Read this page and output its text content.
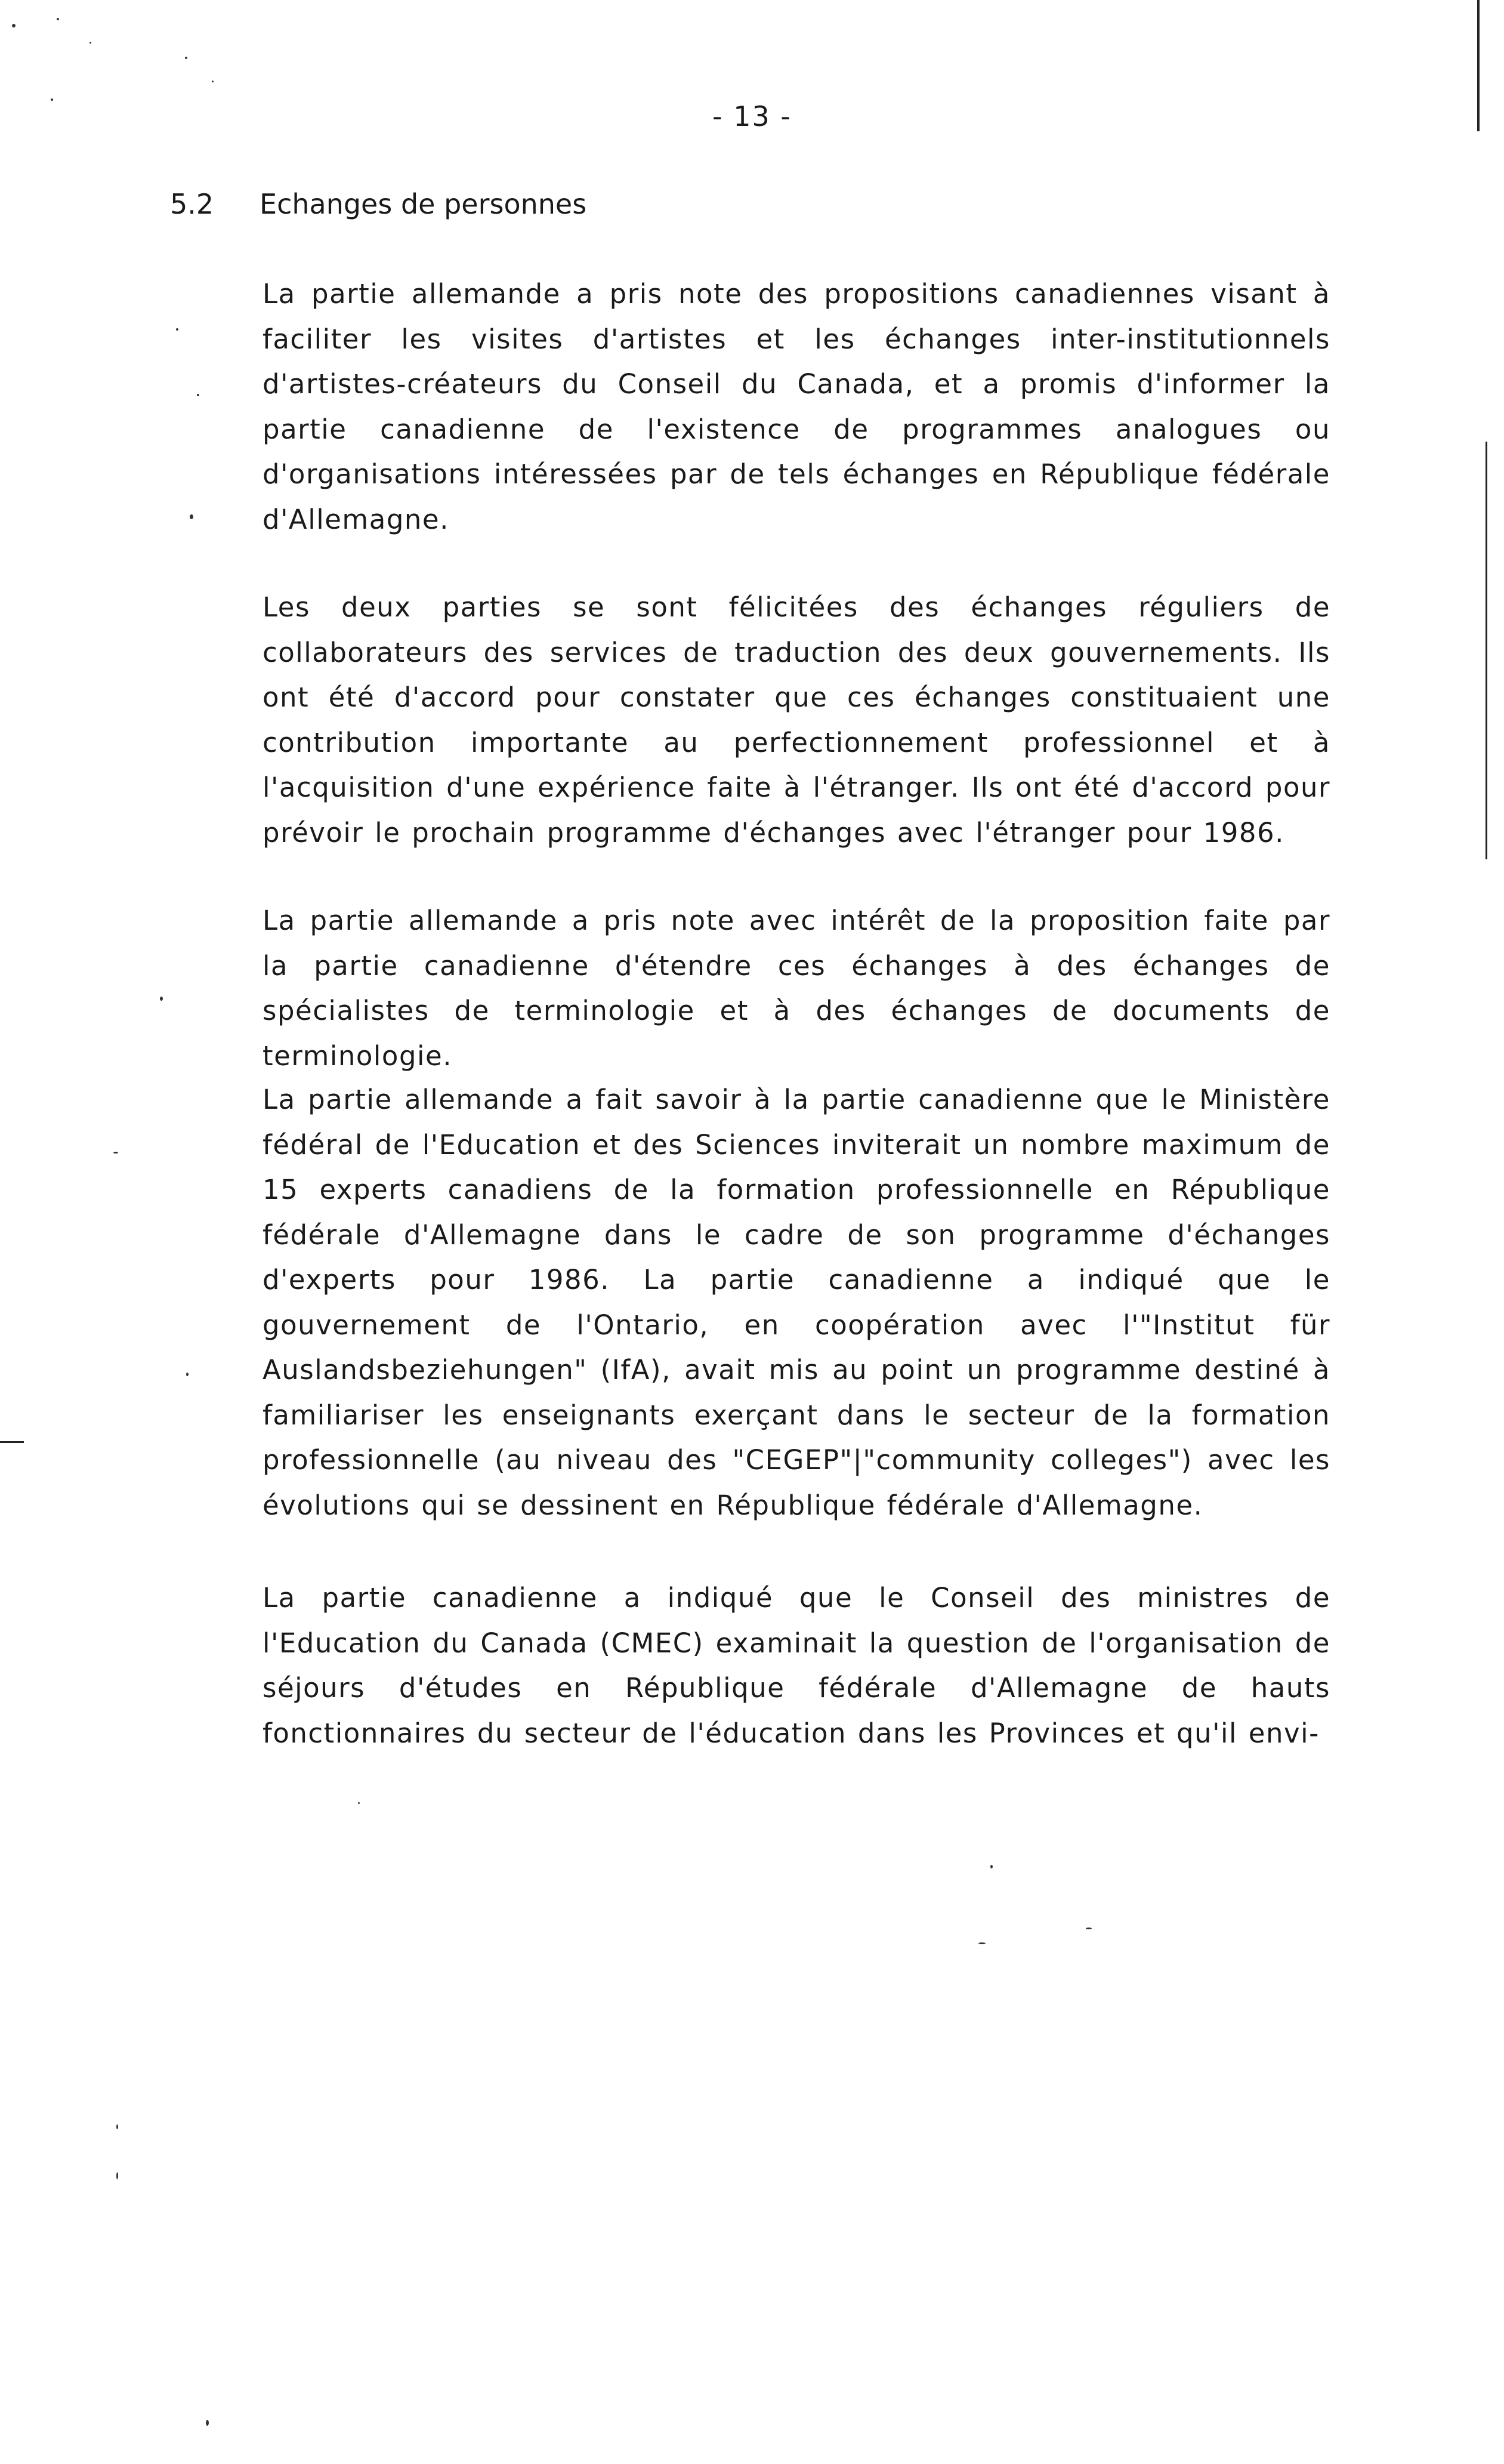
- 13 -
5.2 Echanges de personnes

La partie allemande a pris note des propositions canadiennes visant à faciliter les visites d'artistes et les échanges inter-institutionnels d'artistes-créateurs du Conseil du Canada, et a promis d'informer la partie canadienne de l'existence de programmes analogues ou d'organisations intéressées par de tels échanges en République fédérale d'Allemagne.

Les deux parties se sont félicitées des échanges réguliers de collaborateurs des services de traduction des deux gouvernements. Ils ont été d'accord pour constater que ces échanges constituaient une contribution importante au perfectionnement professionnel et à l'acquisition d'une expérience faite à l'étranger. Ils ont été d'accord pour prévoir le prochain programme d'échanges avec l'étranger pour 1986.

La partie allemande a pris note avec intérêt de la proposition faite par la partie canadienne d'étendre ces échanges à des échanges de spécialistes de terminologie et à des échanges de documents de terminologie.

La partie allemande a fait savoir à la partie canadienne que le Ministère fédéral de l'Education et des Sciences inviterait un nombre maximum de 15 experts canadiens de la formation professionnelle en République fédérale d'Allemagne dans le cadre de son programme d'échanges d'experts pour 1986. La partie canadienne a indiqué que le gouvernement de l'Ontario, en coopération avec l'"Institut für Auslandsbeziehungen" (IfA), avait mis au point un programme destiné à familiariser les enseignants exerçant dans le secteur de la formation professionnelle (au niveau des "CEGEP"|"community colleges") avec les évolutions qui se dessinent en République fédérale d'Allemagne.

La partie canadienne a indiqué que le Conseil des ministres de l'Education du Canada (CMEC) examinait la question de l'organisation de séjours d'études en République fédérale d'Allemagne de hauts fonctionnaires du secteur de l'éducation dans les Provinces et qu'il envi-
